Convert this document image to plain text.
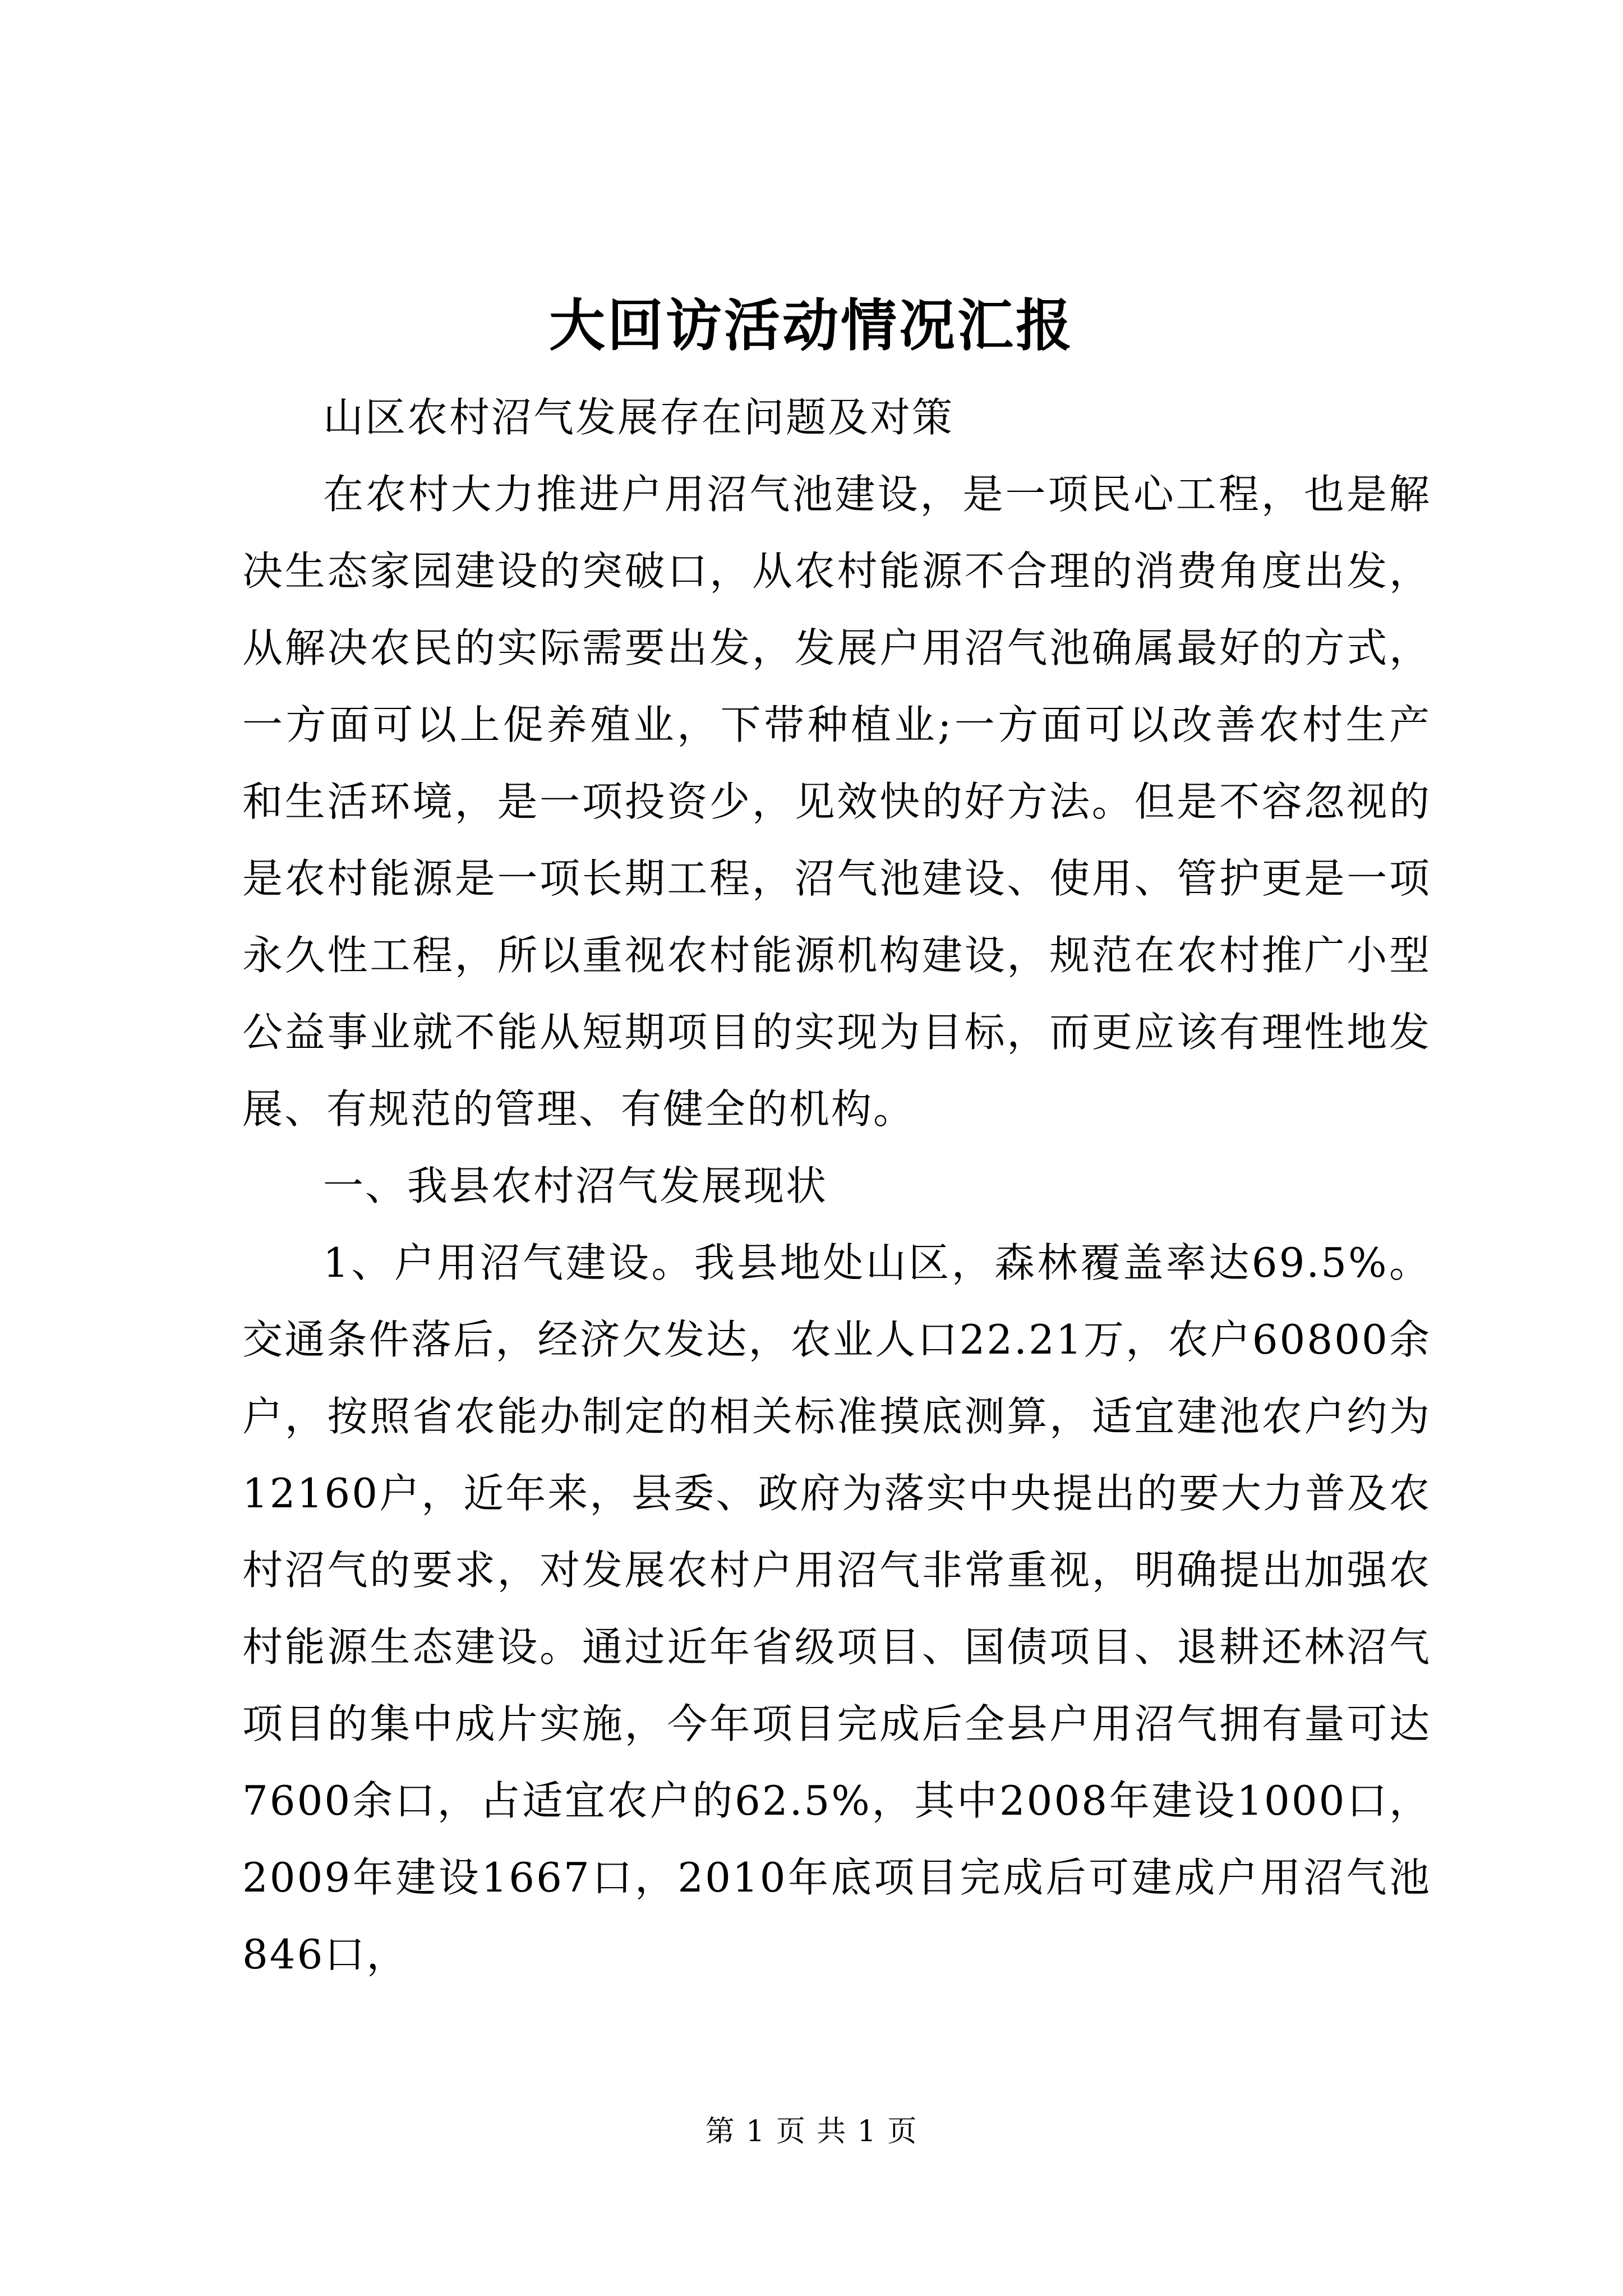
大回访活动情况汇报

山区农村沼气发展存在问题及对策

在农村大力推进户用沼气池建设，是一项民心工程，也是解决生态家园建设的突破口，从农村能源不合理的消费角度出发，从解决农民的实际需要出发，发展户用沼气池确属最好的方式，一方面可以上促养殖业，下带种植业;一方面可以改善农村生产和生活环境，是一项投资少，见效快的好方法。但是不容忽视的是农村能源是一项长期工程，沼气池建设、使用、管护更是一项永久性工程，所以重视农村能源机构建设，规范在农村推广小型公益事业就不能从短期项目的实现为目标，而更应该有理性地发展、有规范的管理、有健全的机构。

一、我县农村沼气发展现状

1、户用沼气建设。我县地处山区，森林覆盖率达69.5%。交通条件落后，经济欠发达，农业人口22.21万，农户60800余户，按照省农能办制定的相关标准摸底测算，适宜建池农户约为12160户，近年来，县委、政府为落实中央提出的要大力普及农村沼气的要求，对发展农村户用沼气非常重视，明确提出加强农村能源生态建设。通过近年省级项目、国债项目、退耕还林沼气项目的集中成片实施，今年项目完成后全县户用沼气拥有量可达7600余口，占适宜农户的62.5%，其中2008年建设1000口，2009年建设1667口，2010年底项目完成后可建成户用沼气池846口，

第 1 页 共 1 页
